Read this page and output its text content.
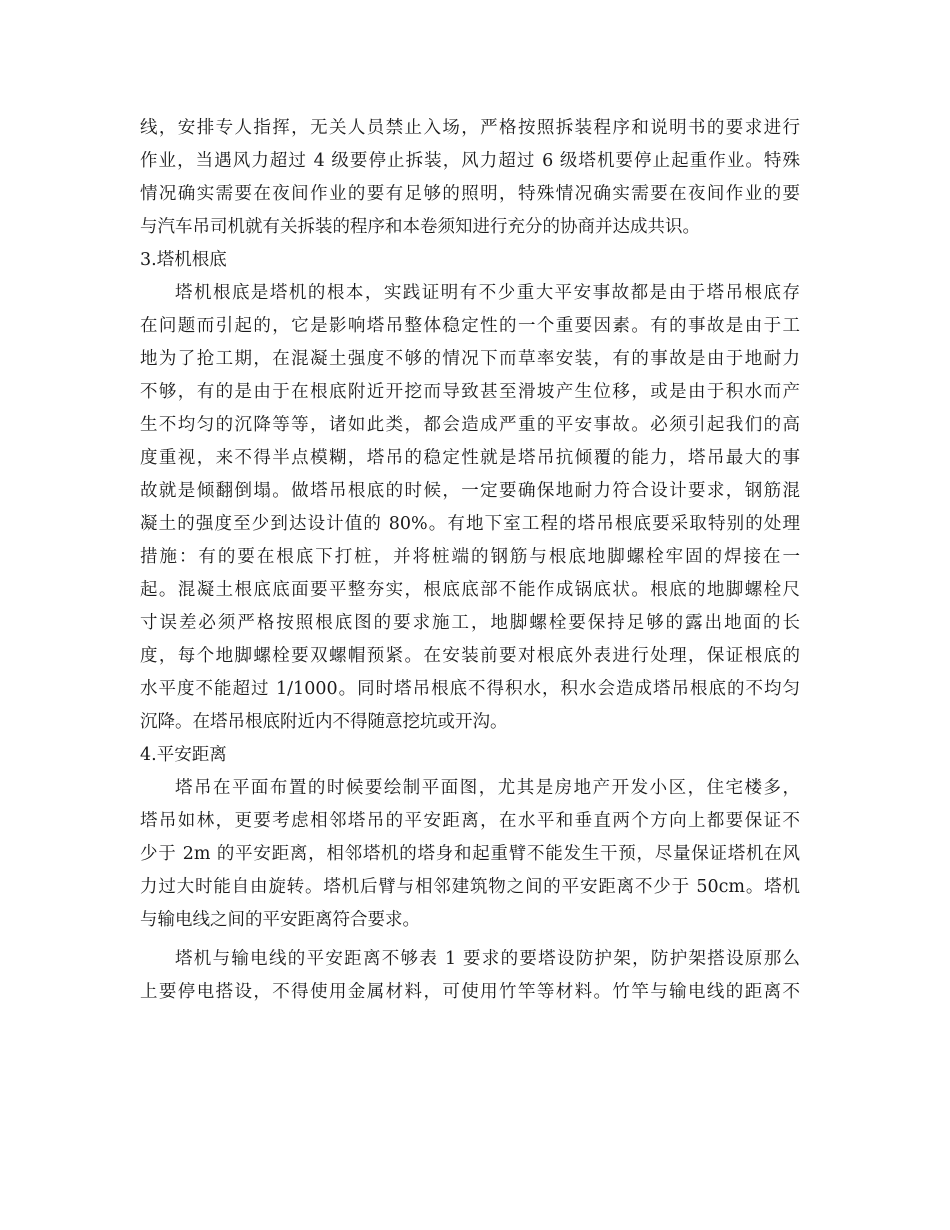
线，安排专人指挥，无关人员禁止入场，严格按照拆装程序和说明书的要求进行
作业，当遇风力超过 4 级要停止拆装，风力超过 6 级塔机要停止起重作业。特殊
情况确实需要在夜间作业的要有足够的照明，特殊情况确实需要在夜间作业的要
与汽车吊司机就有关拆装的程序和本卷须知进行充分的协商并达成共识。
3.塔机根底
塔机根底是塔机的根本，实践证明有不少重大平安事故都是由于塔吊根底存
在问题而引起的，它是影响塔吊整体稳定性的一个重要因素。有的事故是由于工
地为了抢工期，在混凝土强度不够的情况下而草率安装，有的事故是由于地耐力
不够，有的是由于在根底附近开挖而导致甚至滑坡产生位移，或是由于积水而产
生不均匀的沉降等等，诸如此类，都会造成严重的平安事故。必须引起我们的高
度重视，来不得半点模糊，塔吊的稳定性就是塔吊抗倾覆的能力，塔吊最大的事
故就是倾翻倒塌。做塔吊根底的时候，一定要确保地耐力符合设计要求，钢筋混
凝土的强度至少到达设计值的 80%。有地下室工程的塔吊根底要采取特别的处理
措施：有的要在根底下打桩，并将桩端的钢筋与根底地脚螺栓牢固的焊接在一
起。混凝土根底底面要平整夯实，根底底部不能作成锅底状。根底的地脚螺栓尺
寸误差必须严格按照根底图的要求施工，地脚螺栓要保持足够的露出地面的长
度，每个地脚螺栓要双螺帽预紧。在安装前要对根底外表进行处理，保证根底的
水平度不能超过 1/1000。同时塔吊根底不得积水，积水会造成塔吊根底的不均匀
沉降。在塔吊根底附近内不得随意挖坑或开沟。
4.平安距离
塔吊在平面布置的时候要绘制平面图，尤其是房地产开发小区，住宅楼多，
塔吊如林，更要考虑相邻塔吊的平安距离，在水平和垂直两个方向上都要保证不
少于 2m 的平安距离，相邻塔机的塔身和起重臂不能发生干预，尽量保证塔机在风
力过大时能自由旋转。塔机后臂与相邻建筑物之间的平安距离不少于 50cm。塔机
与输电线之间的平安距离符合要求。
塔机与输电线的平安距离不够表 1 要求的要塔设防护架，防护架搭设原那么
上要停电搭设，不得使用金属材料，可使用竹竿等材料。竹竿与输电线的距离不
